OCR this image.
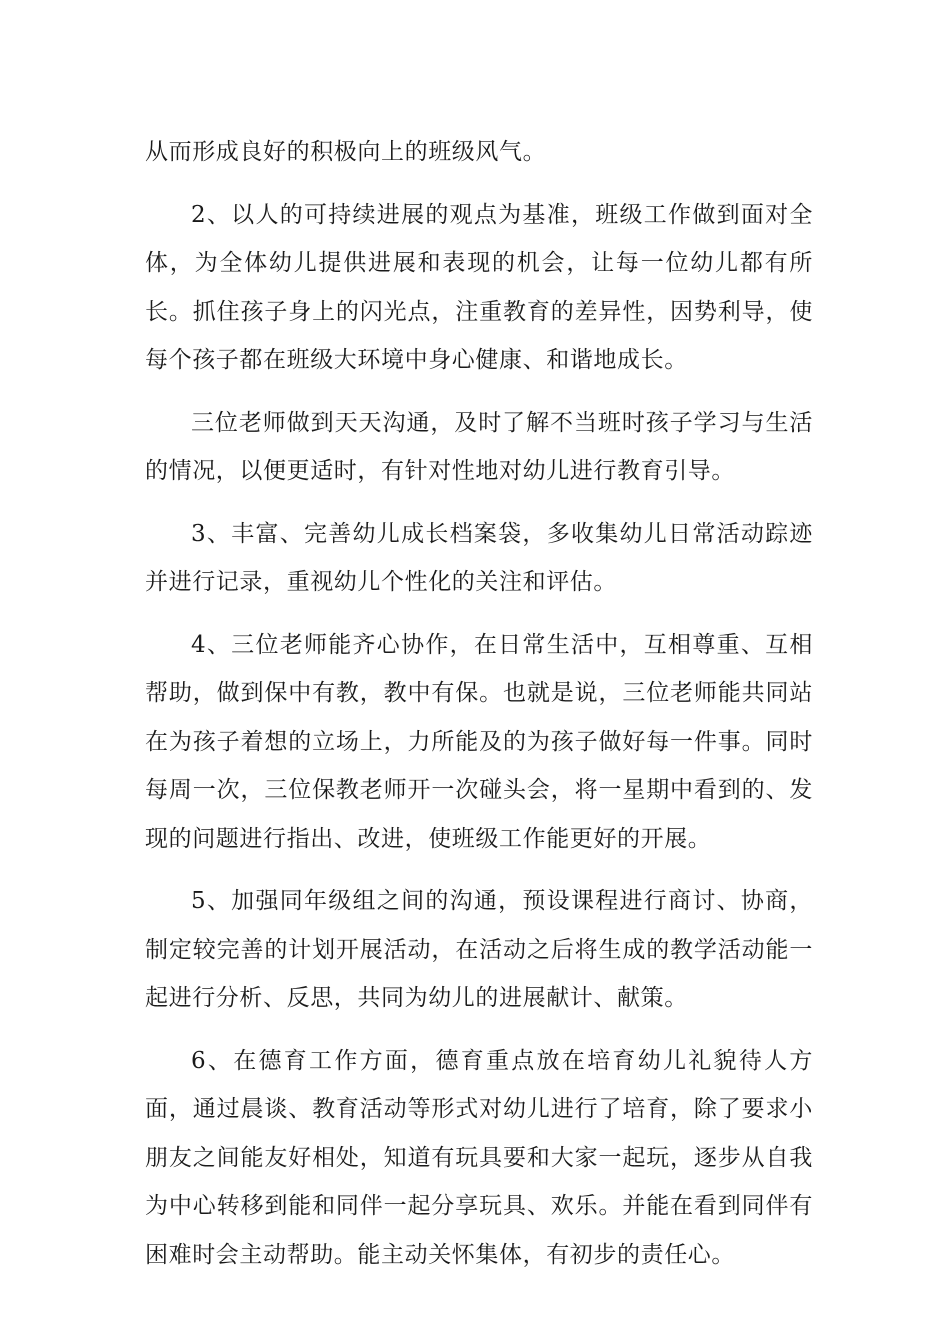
从而形成良好的积极向上的班级风气。

2、以人的可持续进展的观点为基准，班级工作做到面对全体，为全体幼儿提供进展和表现的机会，让每一位幼儿都有所长。抓住孩子身上的闪光点，注重教育的差异性，因势利导，使每个孩子都在班级大环境中身心健康、和谐地成长。

三位老师做到天天沟通，及时了解不当班时孩子学习与生活的情况，以便更适时，有针对性地对幼儿进行教育引导。

3、丰富、完善幼儿成长档案袋，多收集幼儿日常活动踪迹并进行记录，重视幼儿个性化的关注和评估。

4、三位老师能齐心协作，在日常生活中，互相尊重、互相帮助，做到保中有教，教中有保。也就是说，三位老师能共同站在为孩子着想的立场上，力所能及的为孩子做好每一件事。同时每周一次，三位保教老师开一次碰头会，将一星期中看到的、发现的问题进行指出、改进，使班级工作能更好的开展。

5、加强同年级组之间的沟通，预设课程进行商讨、协商，制定较完善的计划开展活动，在活动之后将生成的教学活动能一起进行分析、反思，共同为幼儿的进展献计、献策。

6、在德育工作方面，德育重点放在培育幼儿礼貌待人方面，通过晨谈、教育活动等形式对幼儿进行了培育，除了要求小朋友之间能友好相处，知道有玩具要和大家一起玩，逐步从自我为中心转移到能和同伴一起分享玩具、欢乐。并能在看到同伴有困难时会主动帮助。能主动关怀集体，有初步的责任心。
